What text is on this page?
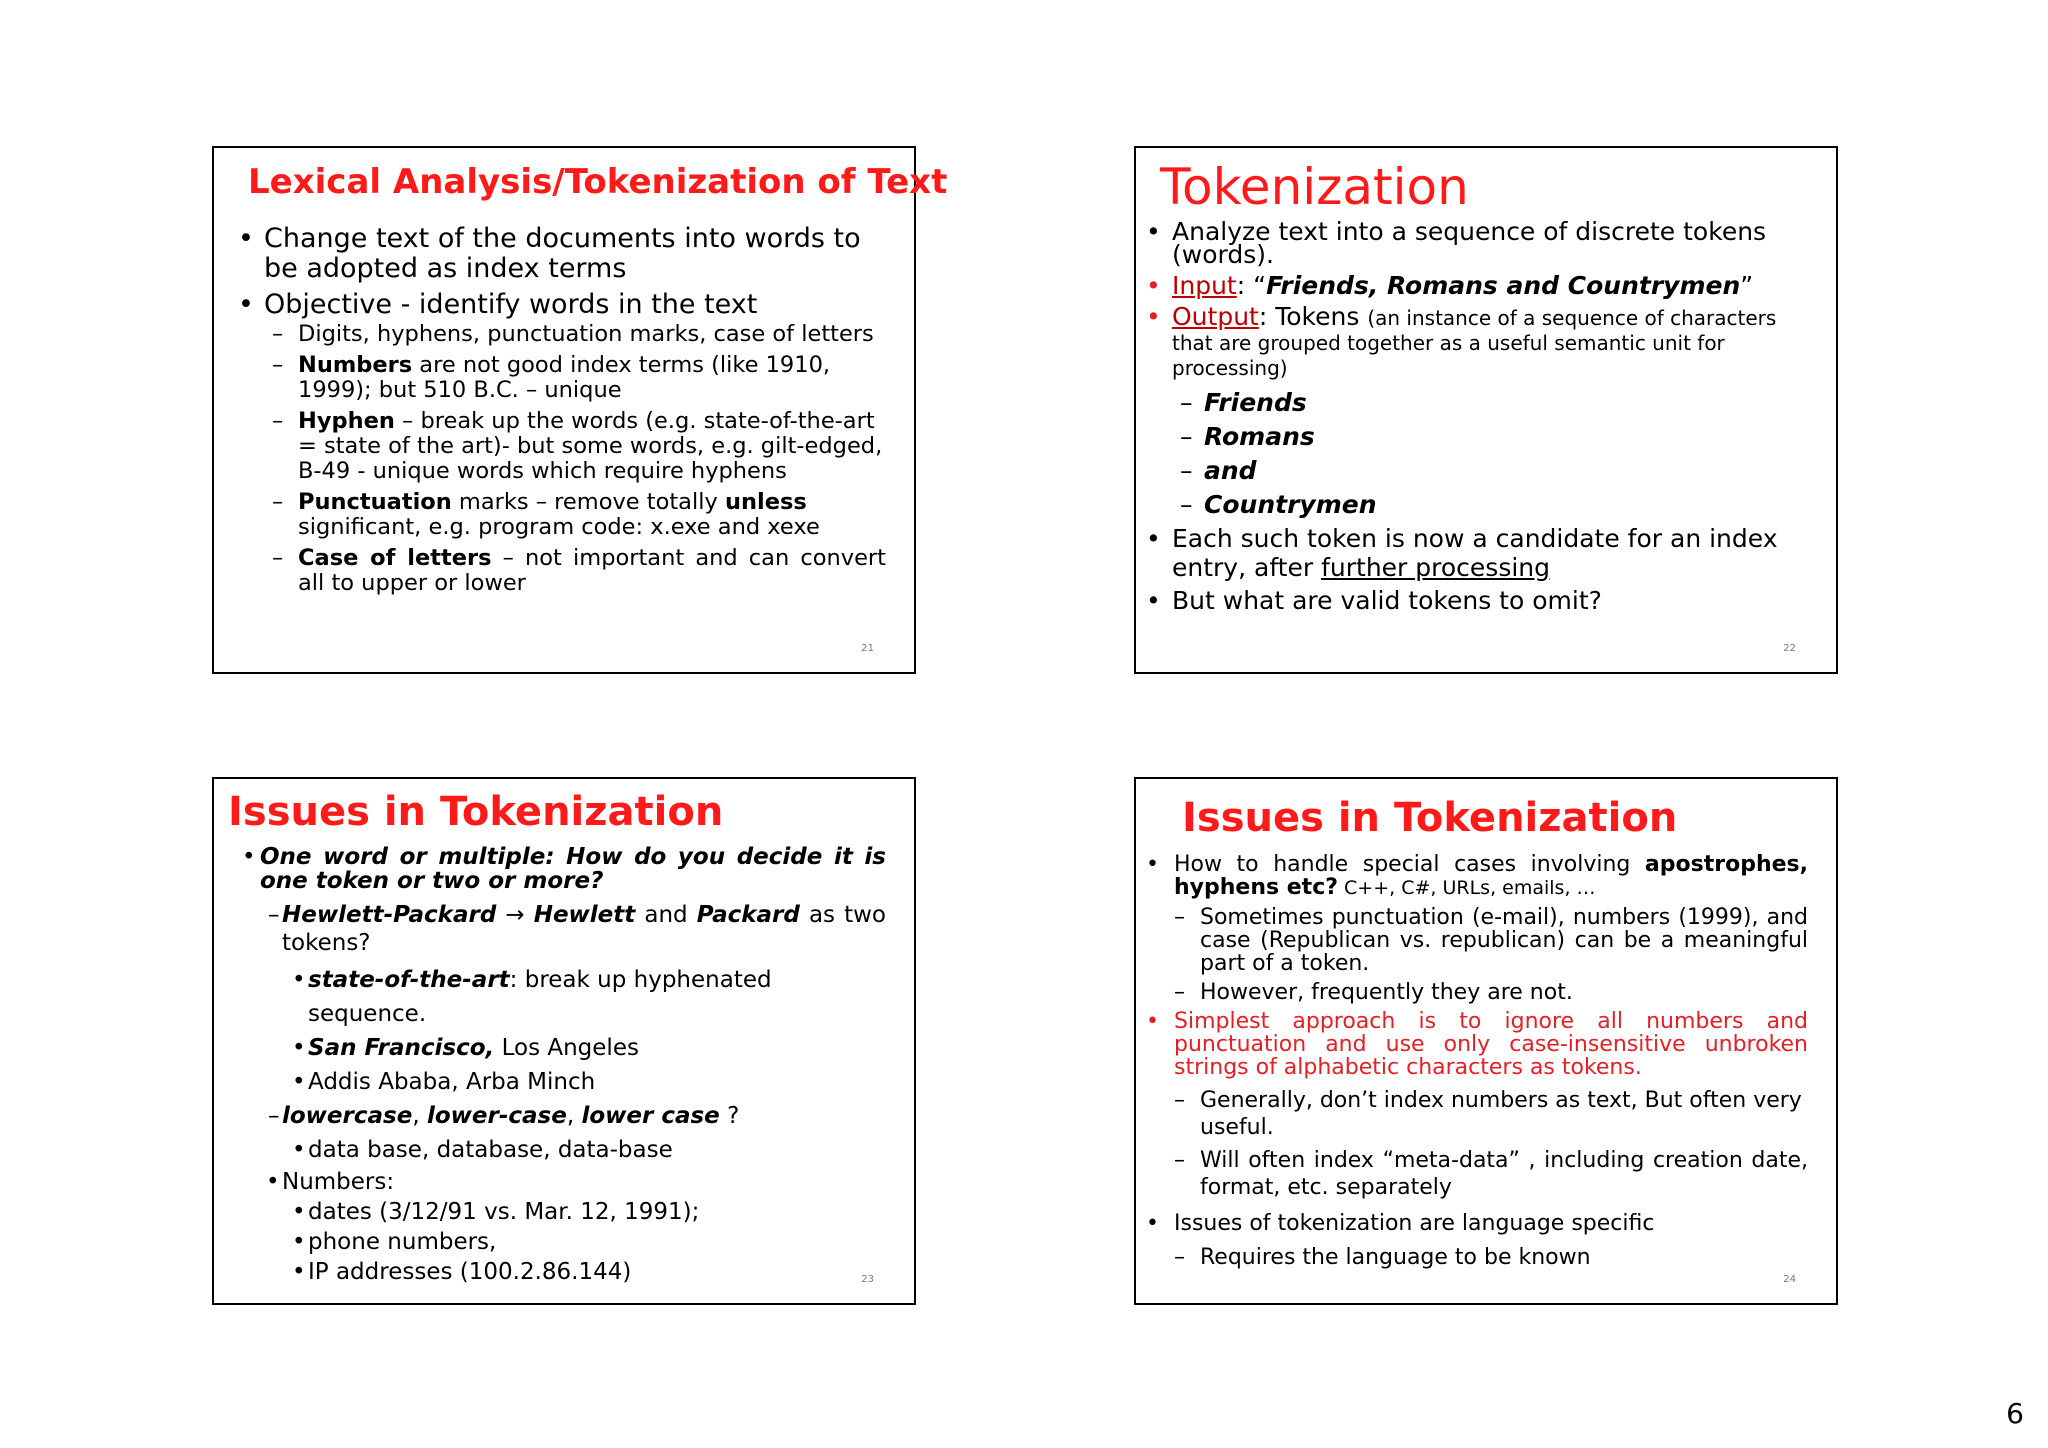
Lexical Analysis/Tokenization of Text
• Change text of the documents into words to be adopted as index terms
• Objective - identify words in the text
– Digits, hyphens, punctuation marks, case of letters
– Numbers are not good index terms (like 1910, 1999); but 510 B.C. – unique
– Hyphen – break up the words (e.g. state-of-the-art = state of the art)- but some words, e.g. gilt-edged, B-49 - unique words which require hyphens
– Punctuation marks – remove totally unless significant, e.g. program code: x.exe and xexe
– Case of letters – not important and can convert all to upper or lower
21
Tokenization
• Analyze text into a sequence of discrete tokens (words).
• Input: “Friends, Romans and Countrymen”
• Output: Tokens (an instance of a sequence of characters that are grouped together as a useful semantic unit for processing)
– Friends
– Romans
– and
– Countrymen
• Each such token is now a candidate for an index entry, after further processing
• But what are valid tokens to omit?
22
Issues in Tokenization
• One word or multiple: How do you decide it is one token or two or more?
– Hewlett-Packard → Hewlett and Packard as two tokens?
• state-of-the-art: break up hyphenated sequence.
• San Francisco, Los Angeles
• Addis Ababa, Arba Minch
– lowercase, lower-case, lower case ?
• data base, database, data-base
• Numbers:
• dates (3/12/91 vs. Mar. 12, 1991);
• phone numbers,
• IP addresses (100.2.86.144)	23
Issues in Tokenization
• How to handle special cases involving apostrophes, hyphens etc? C++, C#, URLs, emails, …
– Sometimes punctuation (e-mail), numbers (1999), and case (Republican vs. republican) can be a meaningful part of a token.
– However, frequently they are not.
• Simplest approach is to ignore all numbers and punctuation and use only case-insensitive unbroken strings of alphabetic characters as tokens.
– Generally, don’t index numbers as text, But often very useful.
– Will often index “meta-data” , including creation date, format, etc. separately
• Issues of tokenization are language specific
– Requires the language to be known
24
6
